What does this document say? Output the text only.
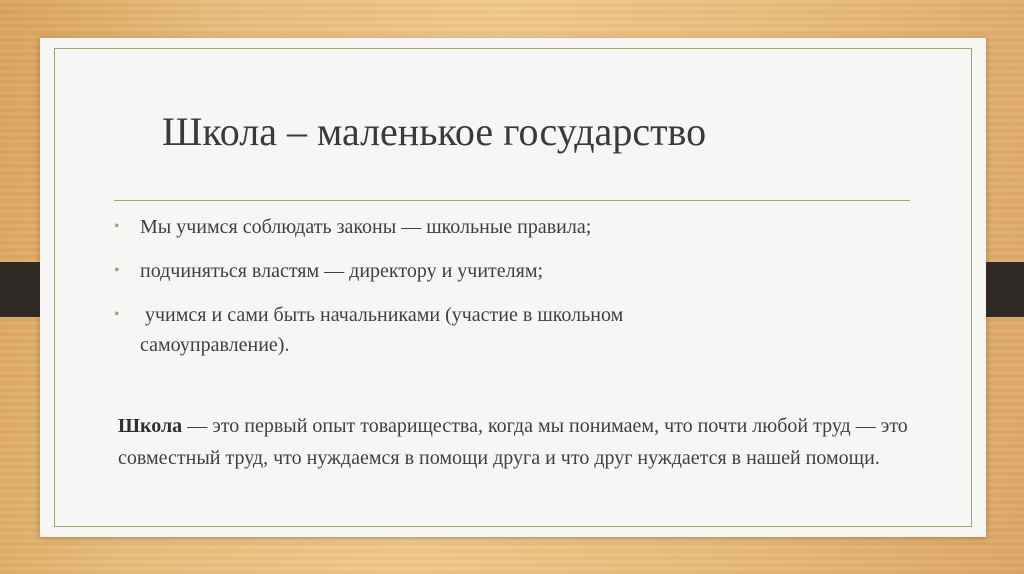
Школа – маленькое государство
• Мы учимся соблюдать законы — школьные правила;
• подчиняться властям — директору и учителям;
• учимся и сами быть начальниками (участие в школьном самоуправление).

Школа — это первый опыт товарищества, когда мы понимаем, что почти любой труд — это совместный труд, что нуждаемся в помощи друга и что друг нуждается в нашей помощи.
